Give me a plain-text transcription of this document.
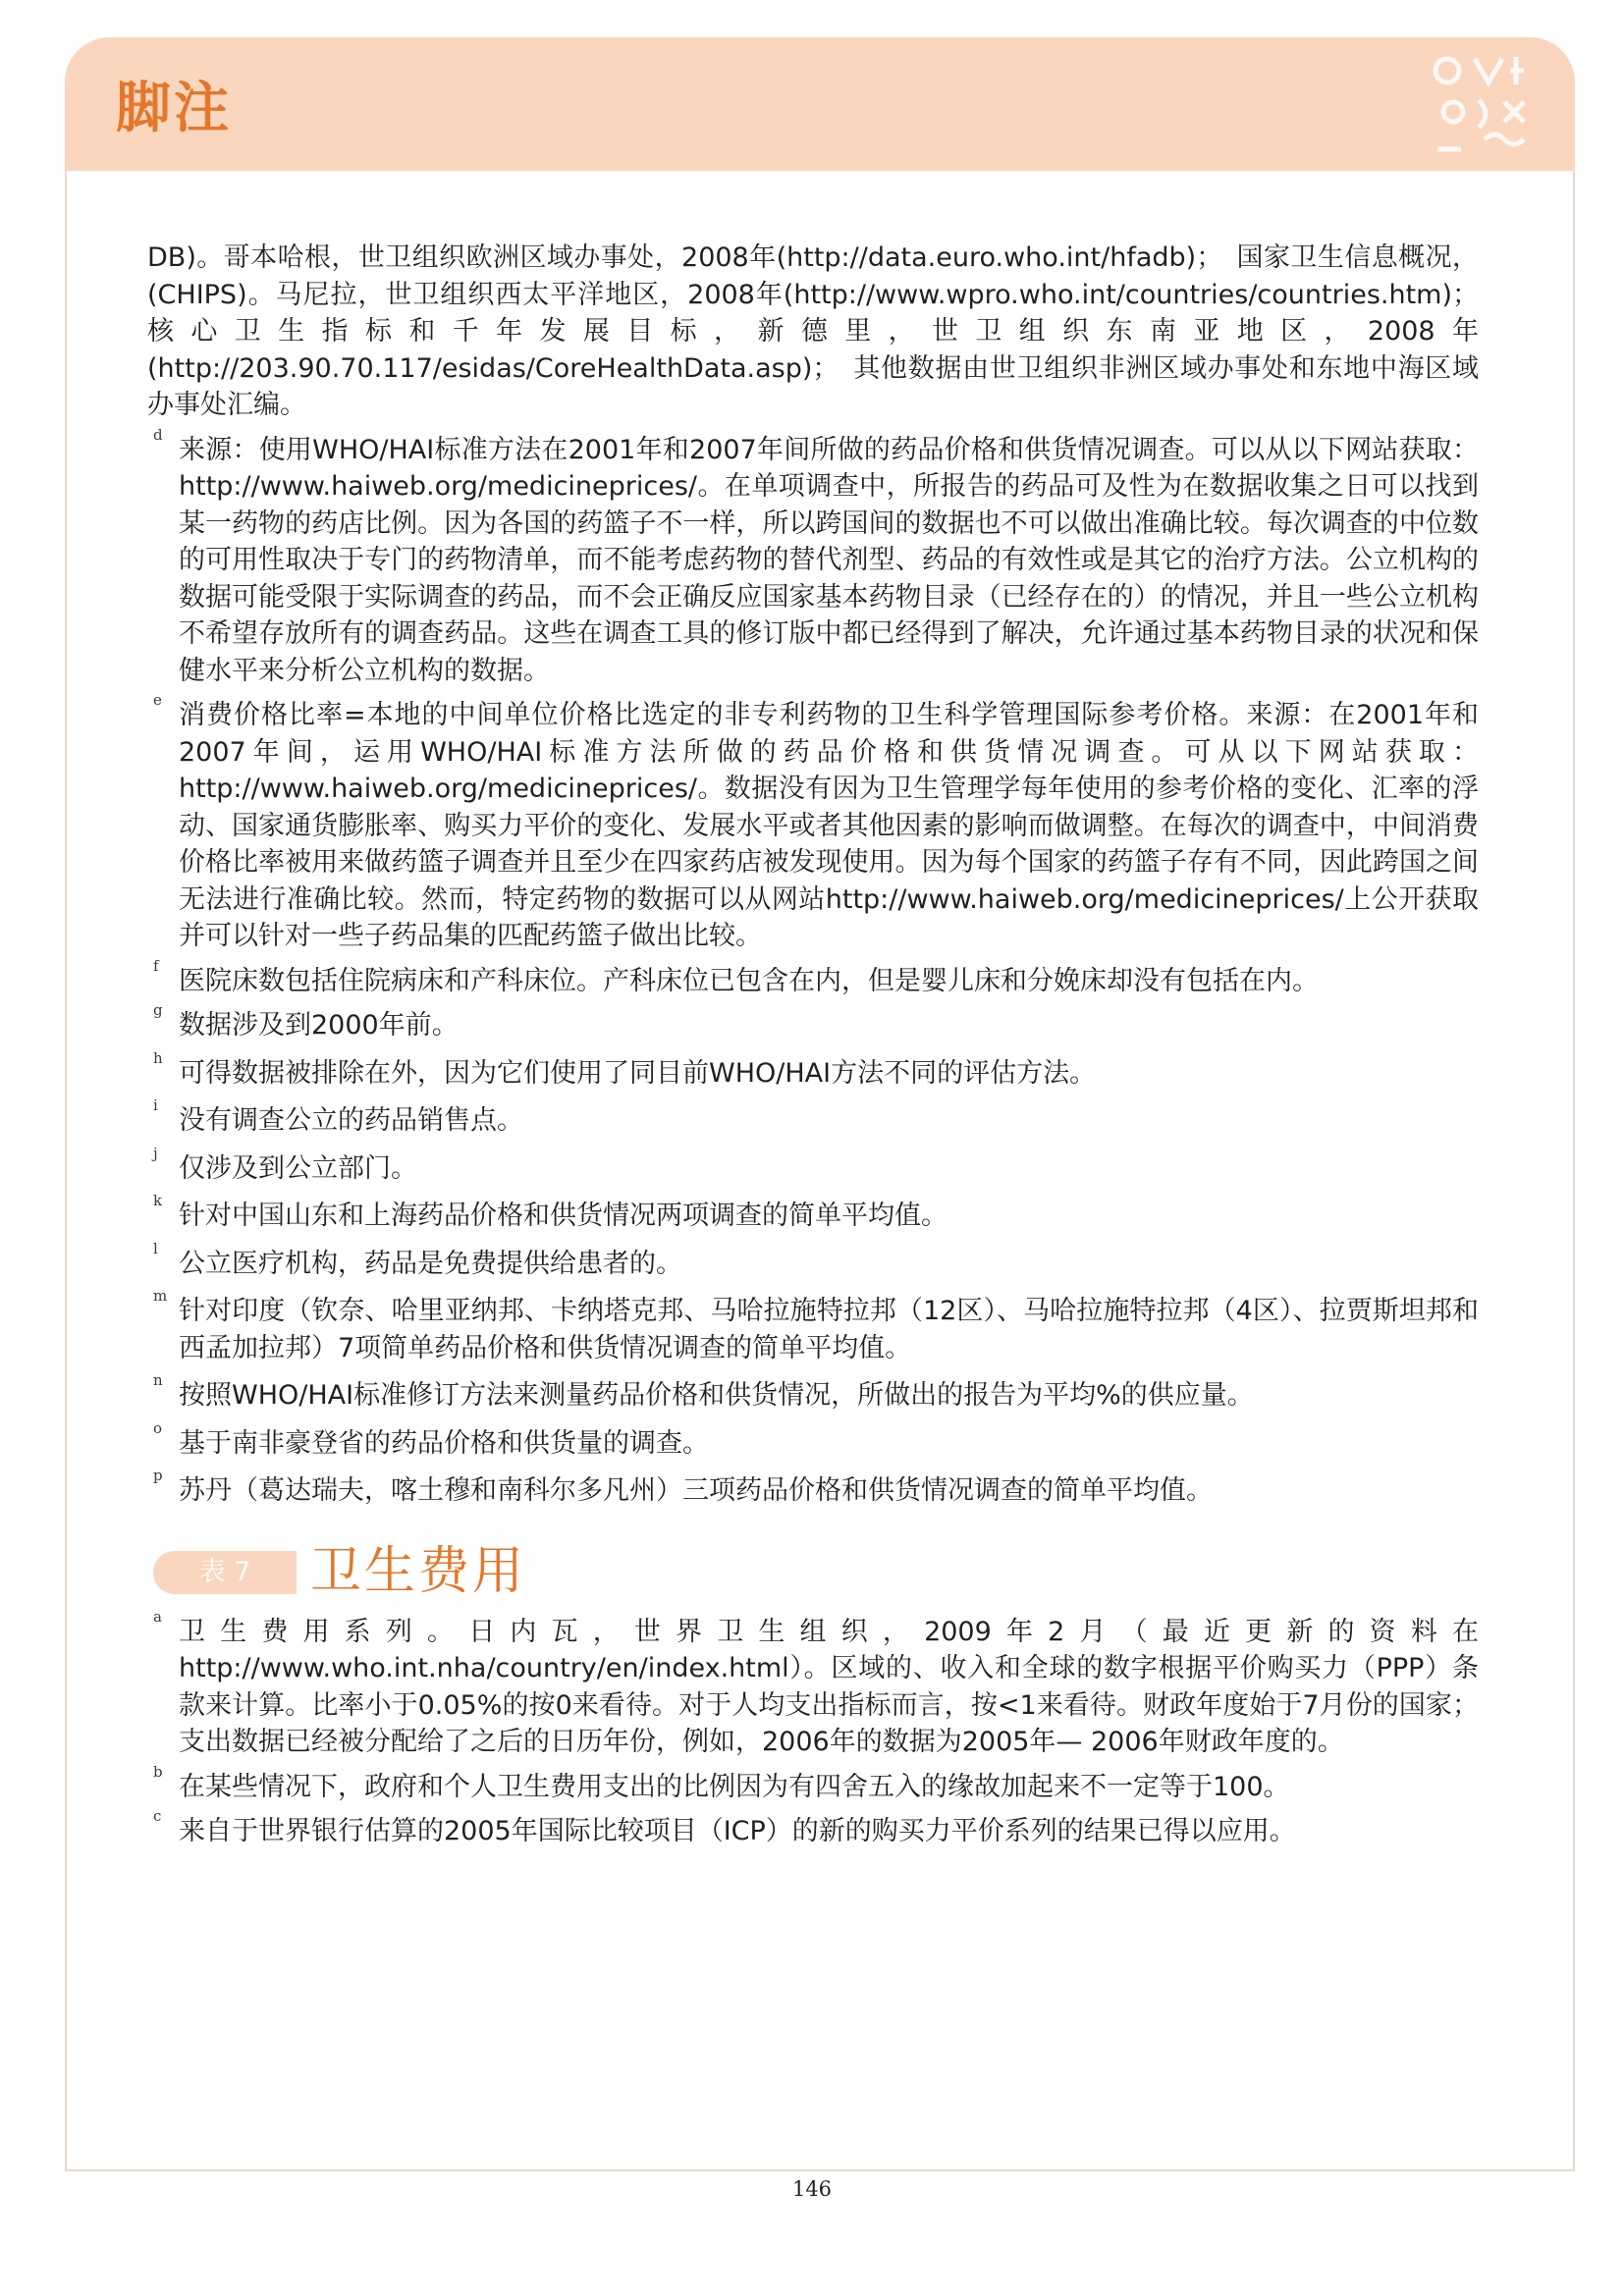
脚注
DB)。哥本哈根，世卫组织欧洲区域办事处，2008年(http://data.euro.who.int/hfadb)；　国家卫生信息概况，(CHIPS)。马尼拉，世卫组织西太平洋地区，2008年(http://www.wpro.who.int/countries/countries.htm)；核心卫生指标和千年发展目标，新德里，世卫组织东南亚地区，2008年(http://203.90.70.117/esidas/CoreHealthData.asp)；　其他数据由世卫组织非洲区域办事处和东地中海区域办事处汇编。
d 来源：使用WHO/HAI标准方法在2001年和2007年间所做的药品价格和供货情况调查。可以从以下网站获取：http://www.haiweb.org/medicineprices/。在单项调查中，所报告的药品可及性为在数据收集之日可以找到某一药物的药店比例。因为各国的药篮子不一样，所以跨国间的数据也不可以做出准确比较。每次调查的中位数的可用性取决于专门的药物清单，而不能考虑药物的替代剂型、药品的有效性或是其它的治疗方法。公立机构的数据可能受限于实际调查的药品，而不会正确反应国家基本药物目录（已经存在的）的情况，并且一些公立机构不希望存放所有的调查药品。这些在调查工具的修订版中都已经得到了解决，允许通过基本药物目录的状况和保健水平来分析公立机构的数据。
e 消费价格比率=本地的中间单位价格比选定的非专利药物的卫生科学管理国际参考价格。来源：在2001年和2007年间，运用WHO/HAI标准方法所做的药品价格和供货情况调查。可从以下网站获取：http://www.haiweb.org/medicineprices/。数据没有因为卫生管理学每年使用的参考价格的变化、汇率的浮动、国家通货膨胀率、购买力平价的变化、发展水平或者其他因素的影响而做调整。在每次的调查中，中间消费价格比率被用来做药篮子调查并且至少在四家药店被发现使用。因为每个国家的药篮子存有不同，因此跨国之间无法进行准确比较。然而，特定药物的数据可以从网站http://www.haiweb.org/medicineprices/上公开获取并可以针对一些子药品集的匹配药篮子做出比较。
f 医院床数包括住院病床和产科床位。产科床位已包含在内，但是婴儿床和分娩床却没有包括在内。
g 数据涉及到2000年前。
h 可得数据被排除在外，因为它们使用了同目前WHO/HAI方法不同的评估方法。
i 没有调查公立的药品销售点。
j 仅涉及到公立部门。
k 针对中国山东和上海药品价格和供货情况两项调查的简单平均值。
l 公立医疗机构，药品是免费提供给患者的。
m 针对印度（钦奈、哈里亚纳邦、卡纳塔克邦、马哈拉施特拉邦（12区）、马哈拉施特拉邦（4区）、拉贾斯坦邦和西孟加拉邦）7项简单药品价格和供货情况调查的简单平均值。
n 按照WHO/HAI标准修订方法来测量药品价格和供货情况，所做出的报告为平均%的供应量。
o 基于南非豪登省的药品价格和供货量的调查。
p 苏丹（葛达瑞夫，喀土穆和南科尔多凡州）三项药品价格和供货情况调查的简单平均值。
表 7	卫生费用
a 卫生费用系列。日内瓦，世界卫生组织，2009年2月（最近更新的资料在http://www.who.int.nha/country/en/index.html）。区域的、收入和全球的数字根据平价购买力（PPP）条款来计算。比率小于0.05%的按0来看待。对于人均支出指标而言，按<1来看待。财政年度始于7月份的国家；支出数据已经被分配给了之后的日历年份，例如，2006年的数据为2005年— 2006年财政年度的。
b 在某些情况下，政府和个人卫生费用支出的比例因为有四舍五入的缘故加起来不一定等于100。
c 来自于世界银行估算的2005年国际比较项目（ICP）的新的购买力平价系列的结果已得以应用。
146
